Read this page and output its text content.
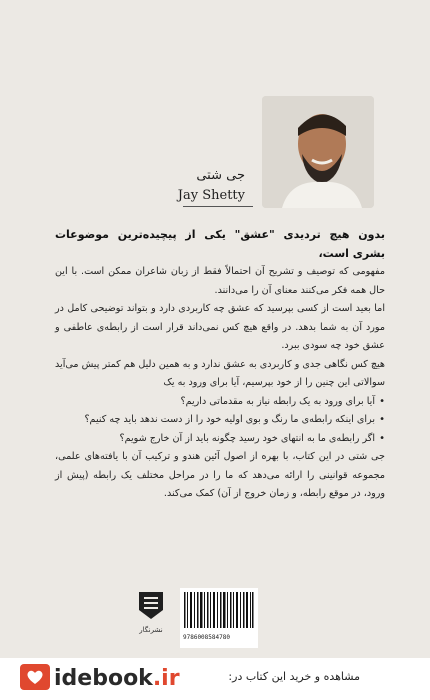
جی شتی
Jay Shetty

بدون هیچ تردیدی "عشق" یکی از پیچیده‌ترین موضوعات بشری است،

مفهومی که توصیف و تشریح آن احتمالاً فقط از زبان شاعران ممکن است. با این حال همه فکر می‌کنند معنای آن را می‌دانند.

اما بعید است از کسی بپرسید که عشق چه کاربردی دارد و بتواند توضیحی کامل در مورد آن به شما بدهد. در واقع هیچ کس نمی‌داند قرار است از رابطه‌ی عاطفی و عشق خود چه سودی ببرد.

هیچ کس نگاهی جدی و کاربردی به عشق ندارد و به همین دلیل هم کمتر پیش می‌آید سوالاتی این چنین را از خود بپرسیم، آیا برای ورود به یک

• آیا برای ورود به یک رابطه نیاز به مقدماتی داریم؟
• برای اینکه رابطه‌ی ما رنگ و بوی اولیه خود را از دست ندهد باید چه کنیم؟
• اگر رابطه‌ی ما به انتهای خود رسید چگونه باید از آن خارج شویم؟

جی شتی در این کتاب، با بهره از اصول آئین هندو و ترکیب آن با یافته‌های علمی، مجموعه قوانینی را ارائه می‌دهد که ما را در مراحل مختلف یک رابطه (پیش از ورود، در موقع رابطه، و زمان خروج از آن) کمک می‌کند.

نشرنگار
9786008584780
idebook.ir	مشاهده و خرید این کتاب در:
